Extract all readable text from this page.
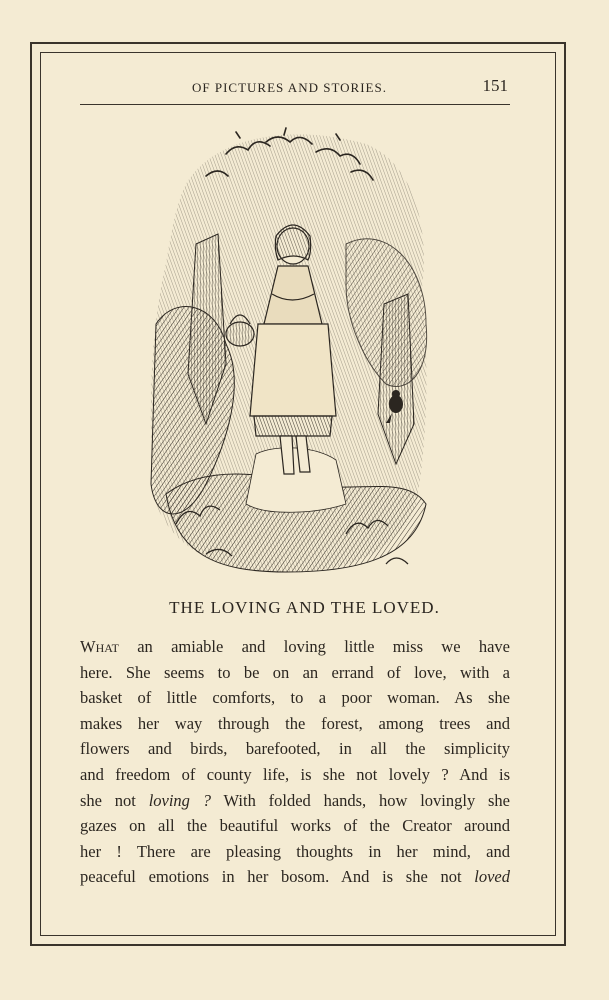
OF PICTURES AND STORIES.	151
THE LOVING AND THE LOVED.
What an amiable and loving little miss we have
here. She seems to be on an errand of love, with a
basket of little comforts, to a poor woman. As she
makes her way through the forest, among trees and
flowers and birds, barefooted, in all the simplicity
and freedom of county life, is she not lovely ? And is
she not loving ? With folded hands, how lovingly she
gazes on all the beautiful works of the Creator around
her ! There are pleasing thoughts in her mind, and
peaceful emotions in her bosom. And is she not loved
